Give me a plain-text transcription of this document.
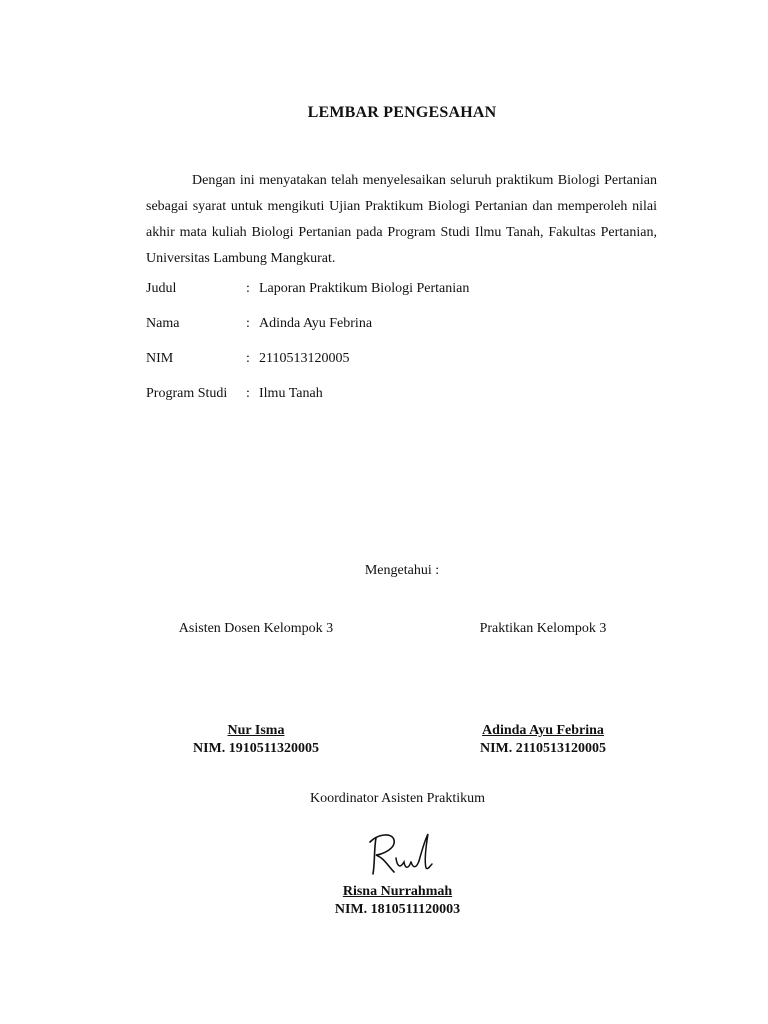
LEMBAR PENGESAHAN
Dengan ini menyatakan telah menyelesaikan seluruh praktikum Biologi Pertanian sebagai syarat untuk mengikuti Ujian Praktikum Biologi Pertanian dan memperoleh nilai akhir mata kuliah Biologi Pertanian pada Program Studi Ilmu Tanah, Fakultas Pertanian, Universitas Lambung Mangkurat.
Judul	: Laporan Praktikum Biologi Pertanian
Nama	: Adinda Ayu Febrina
NIM	: 2110513120005
Program Studi : Ilmu Tanah
Mengetahui :
Asisten Dosen Kelompok 3
Nur Isma
NIM. 1910511320005
Praktikan Kelompok 3
Adinda Ayu Febrina
NIM. 2110513120005
Koordinator Asisten Praktikum
Risna Nurrahmah
NIM. 1810511120003
